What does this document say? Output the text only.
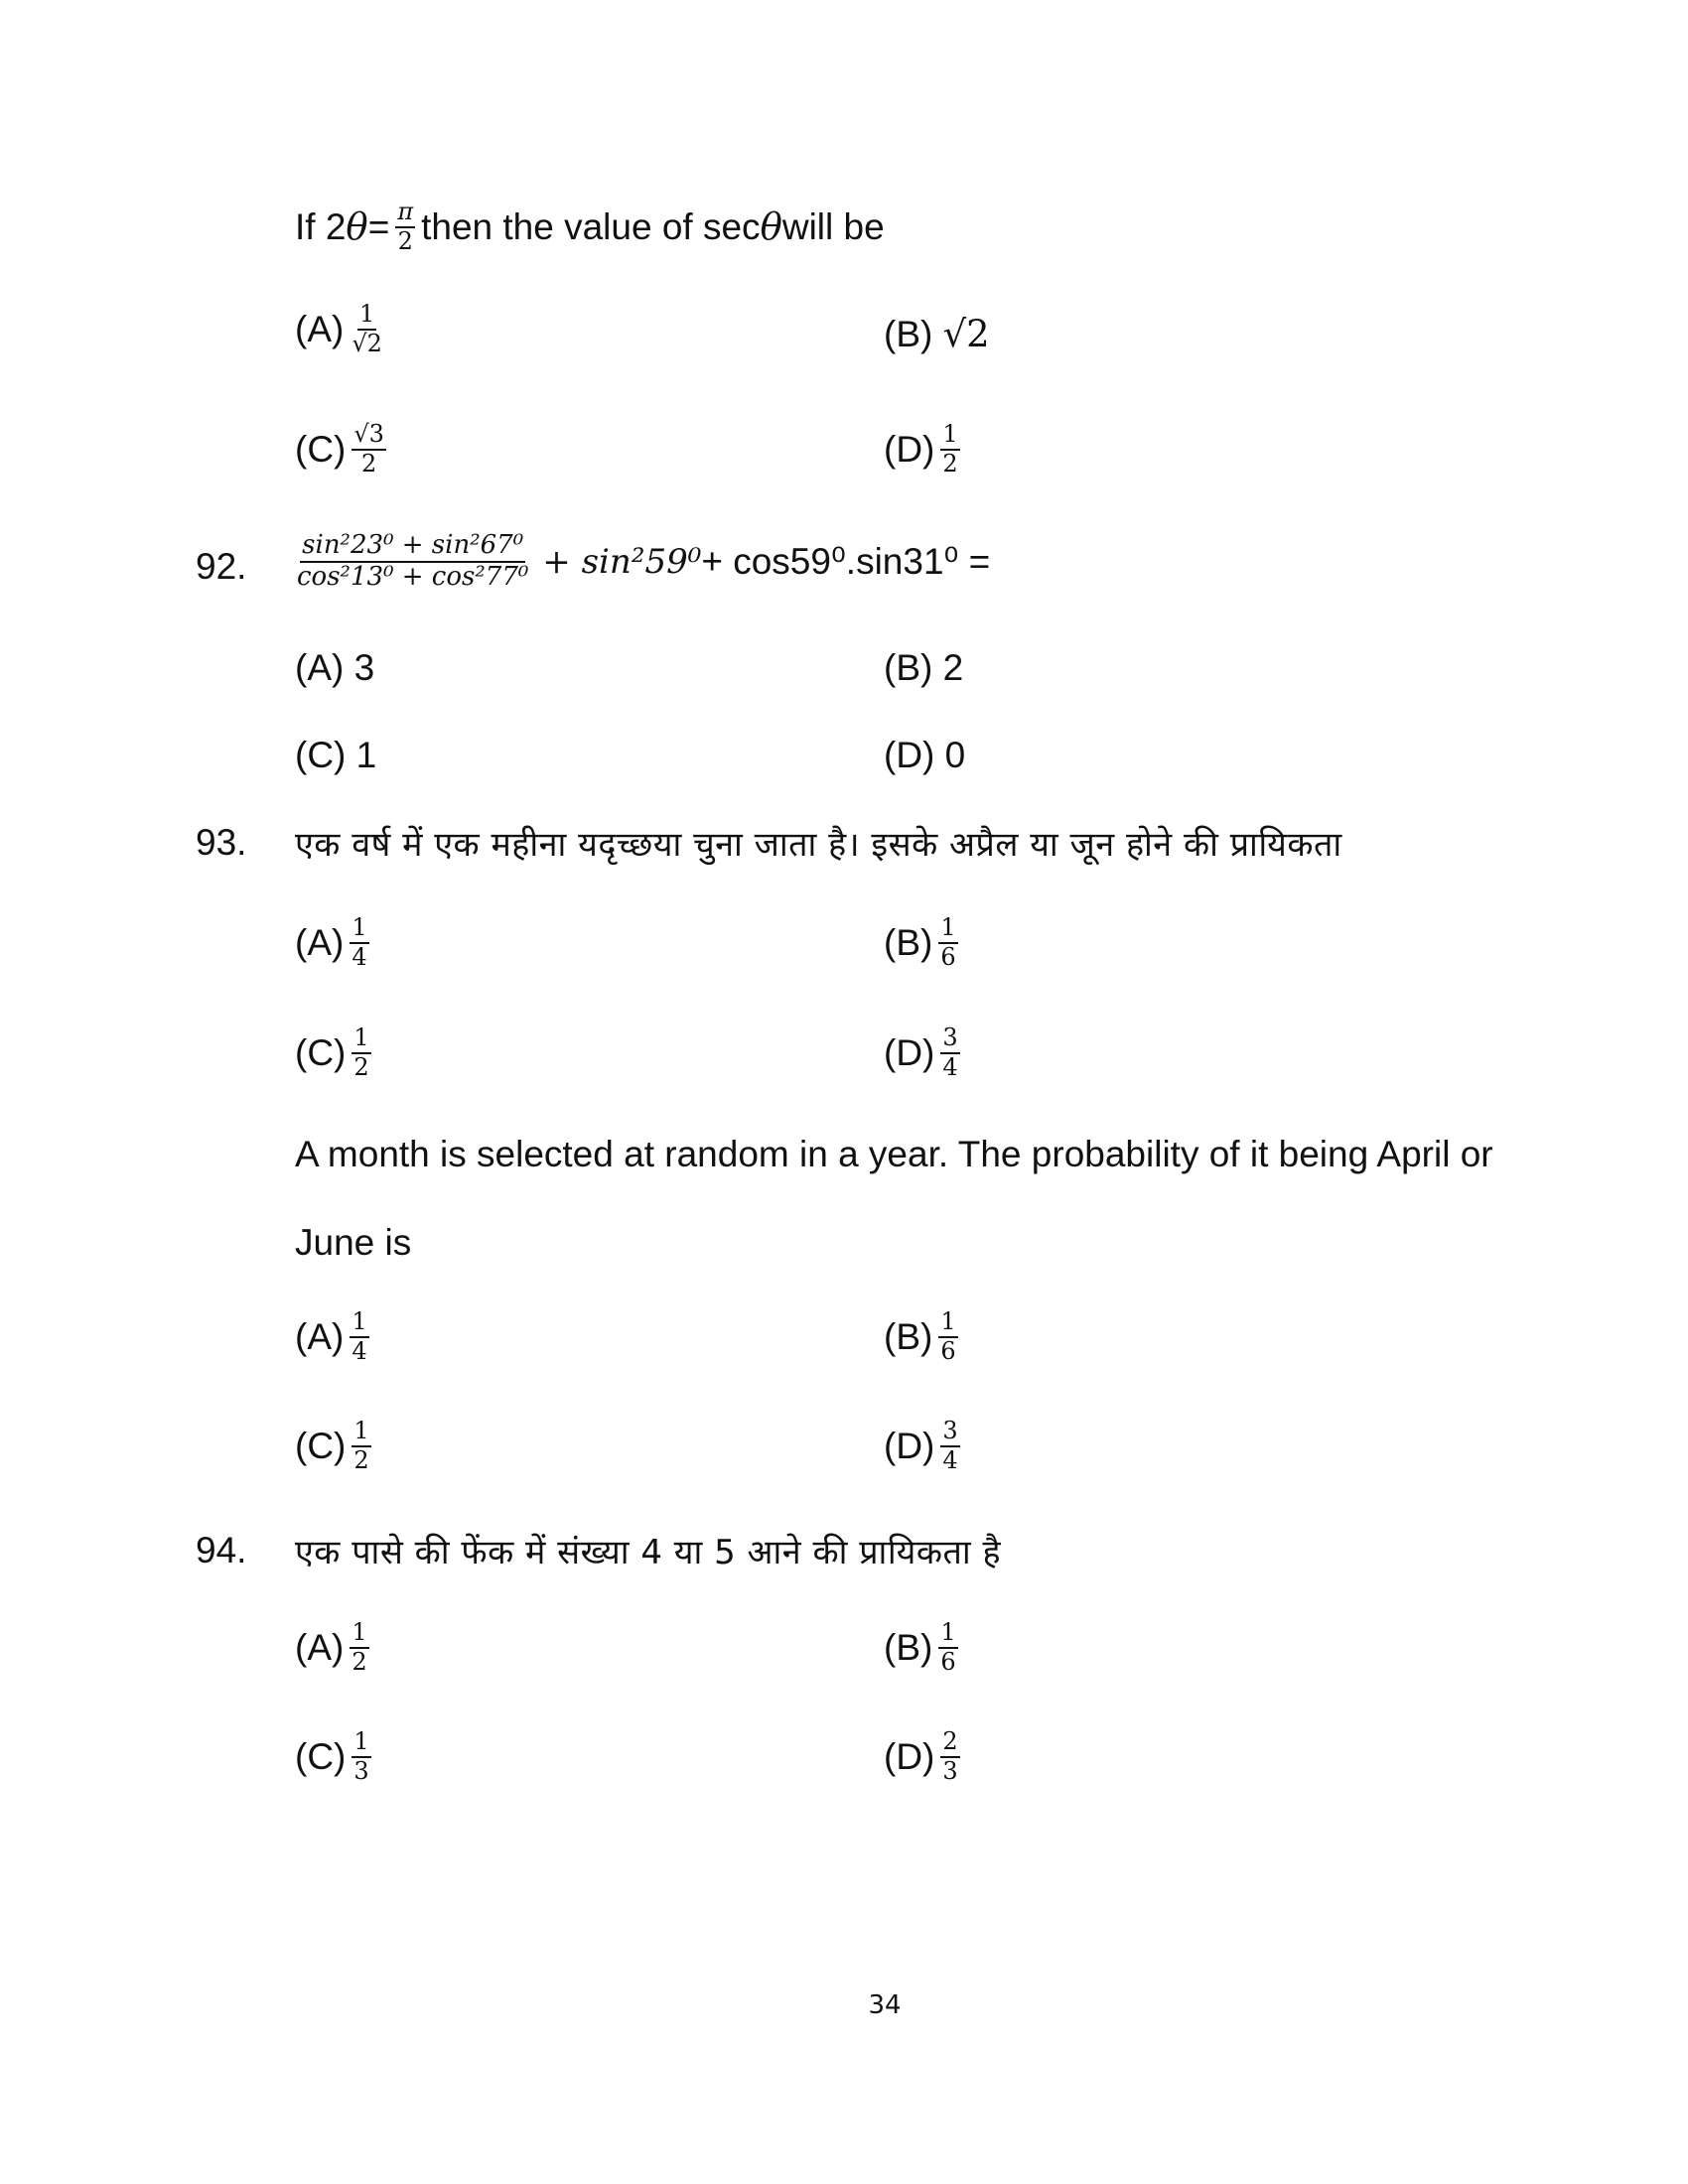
If 2 $\theta = \frac{\pi}{2}$ then the value of sec θ will be
$(A) \frac{1}{√2}$	(B)
√2
$(C) \frac{√3}{2}$	$(D) \frac{1}{2}$
92. $\frac{\text{sin²23⁰ + sin²67⁰}}{\text{cos²13⁰ + cos²77⁰}} + \sin^259^0 + \cos 59^0.\sin 31^0$ =
(A)
3	(B)
2
(C)
1	(D)
0
93. एक वर्ष में एक महीना यदृच्छया चुना जाता है। इसके अप्रैल या जून होने की प्रायिकता
$(A) \frac{1}{4}$	$(B) \frac{1}{6}$
$(C) \frac{1}{2}$	$(D) \frac{3}{4}$
A month is selected at random in a year. The probability of it being April or
June is
$(A) \frac{1}{4}$	$(B) \frac{1}{6}$
$(C) \frac{1}{2}$	$(D) \frac{3}{4}$
94. एक पासे की फेंक में संख्या 4 या 5 आने की प्रायिकता है
$(A) \frac{1}{2}$	$(B) \frac{1}{6}$
$(C) \frac{1}{3}$	$(D) \frac{2}{3}$
34
